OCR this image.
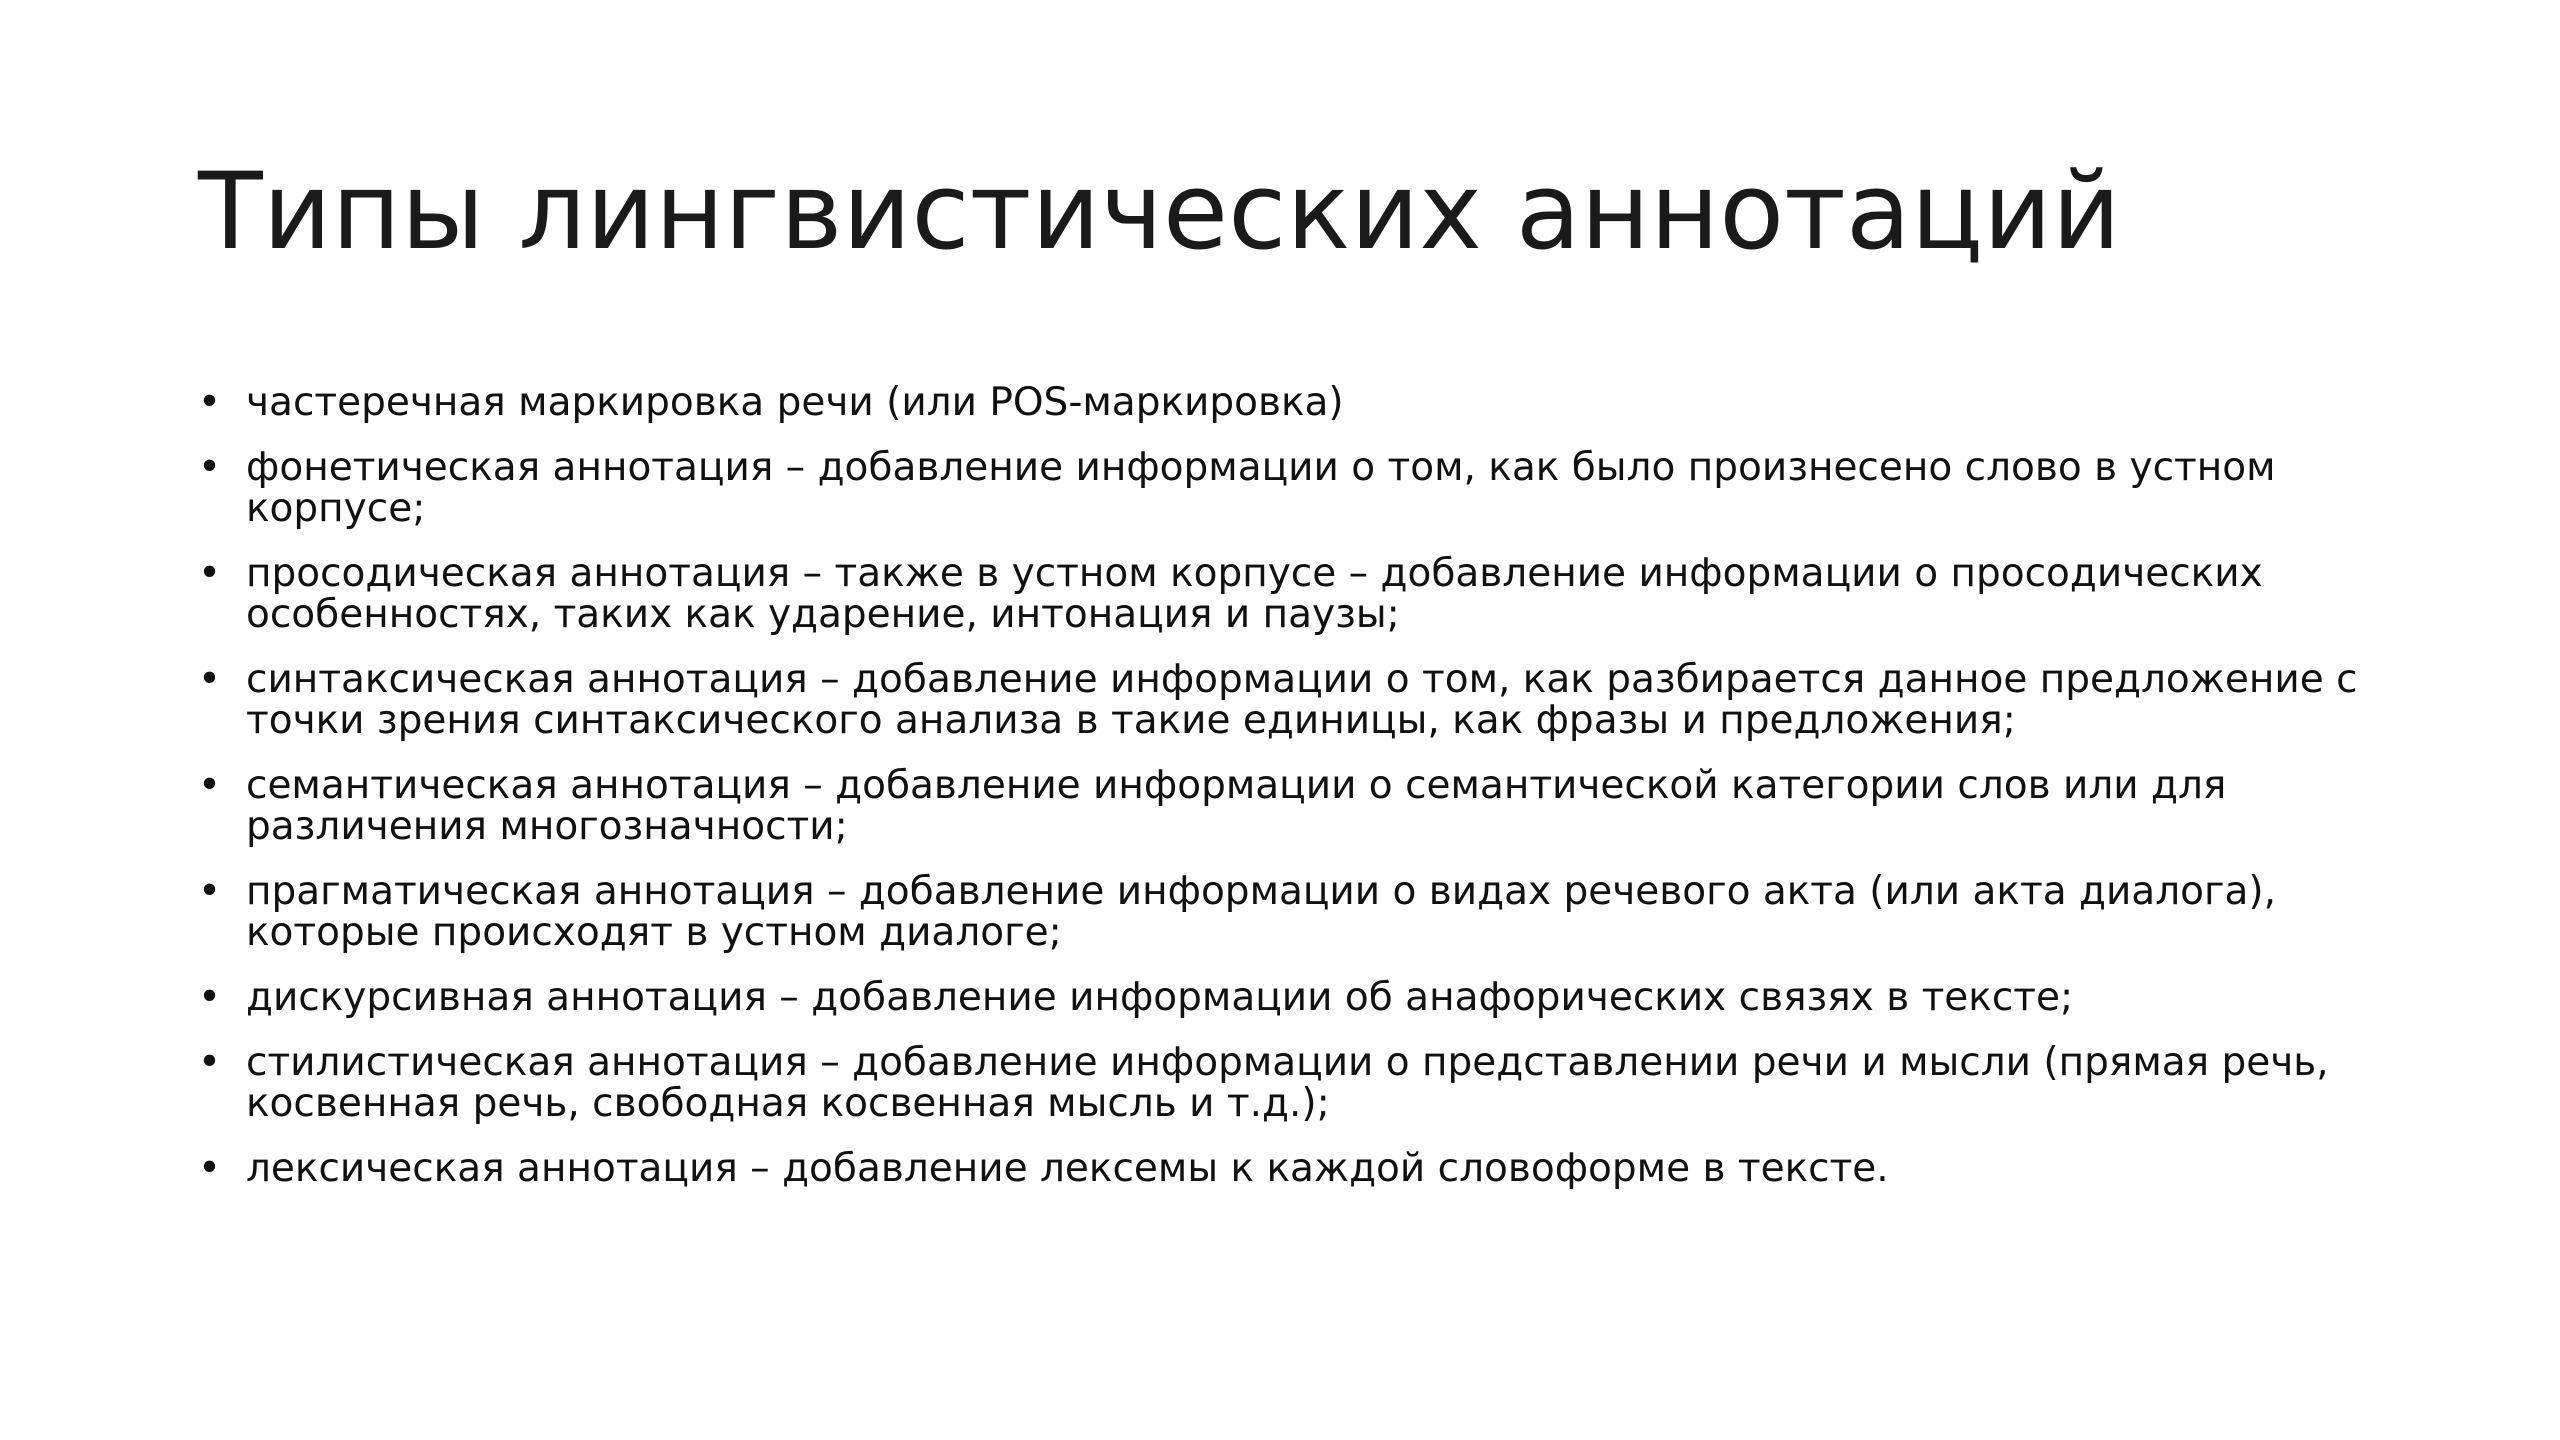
Типы лингвистических аннотаций
• частеречная маркировка речи (или POS-маркировка)
• фонетическая аннотация – добавление информации о том, как было произнесено слово в устном корпусе;
• просодическая аннотация – также в устном корпусе – добавление информации о просодических особенностях, таких как ударение, интонация и паузы;
• синтаксическая аннотация – добавление информации о том, как разбирается данное предложение с точки зрения синтаксического анализа в такие единицы, как фразы и предложения;
• семантическая аннотация – добавление информации о семантической категории слов или для различения многозначности;
• прагматическая аннотация – добавление информации о видах речевого акта (или акта диалога), которые происходят в устном диалоге;
• дискурсивная аннотация – добавление информации об анафорических связях в тексте;
• стилистическая аннотация – добавление информации о представлении речи и мысли (прямая речь, косвенная речь, свободная косвенная мысль и т.д.);
• лексическая аннотация – добавление лексемы к каждой словоформе в тексте.
